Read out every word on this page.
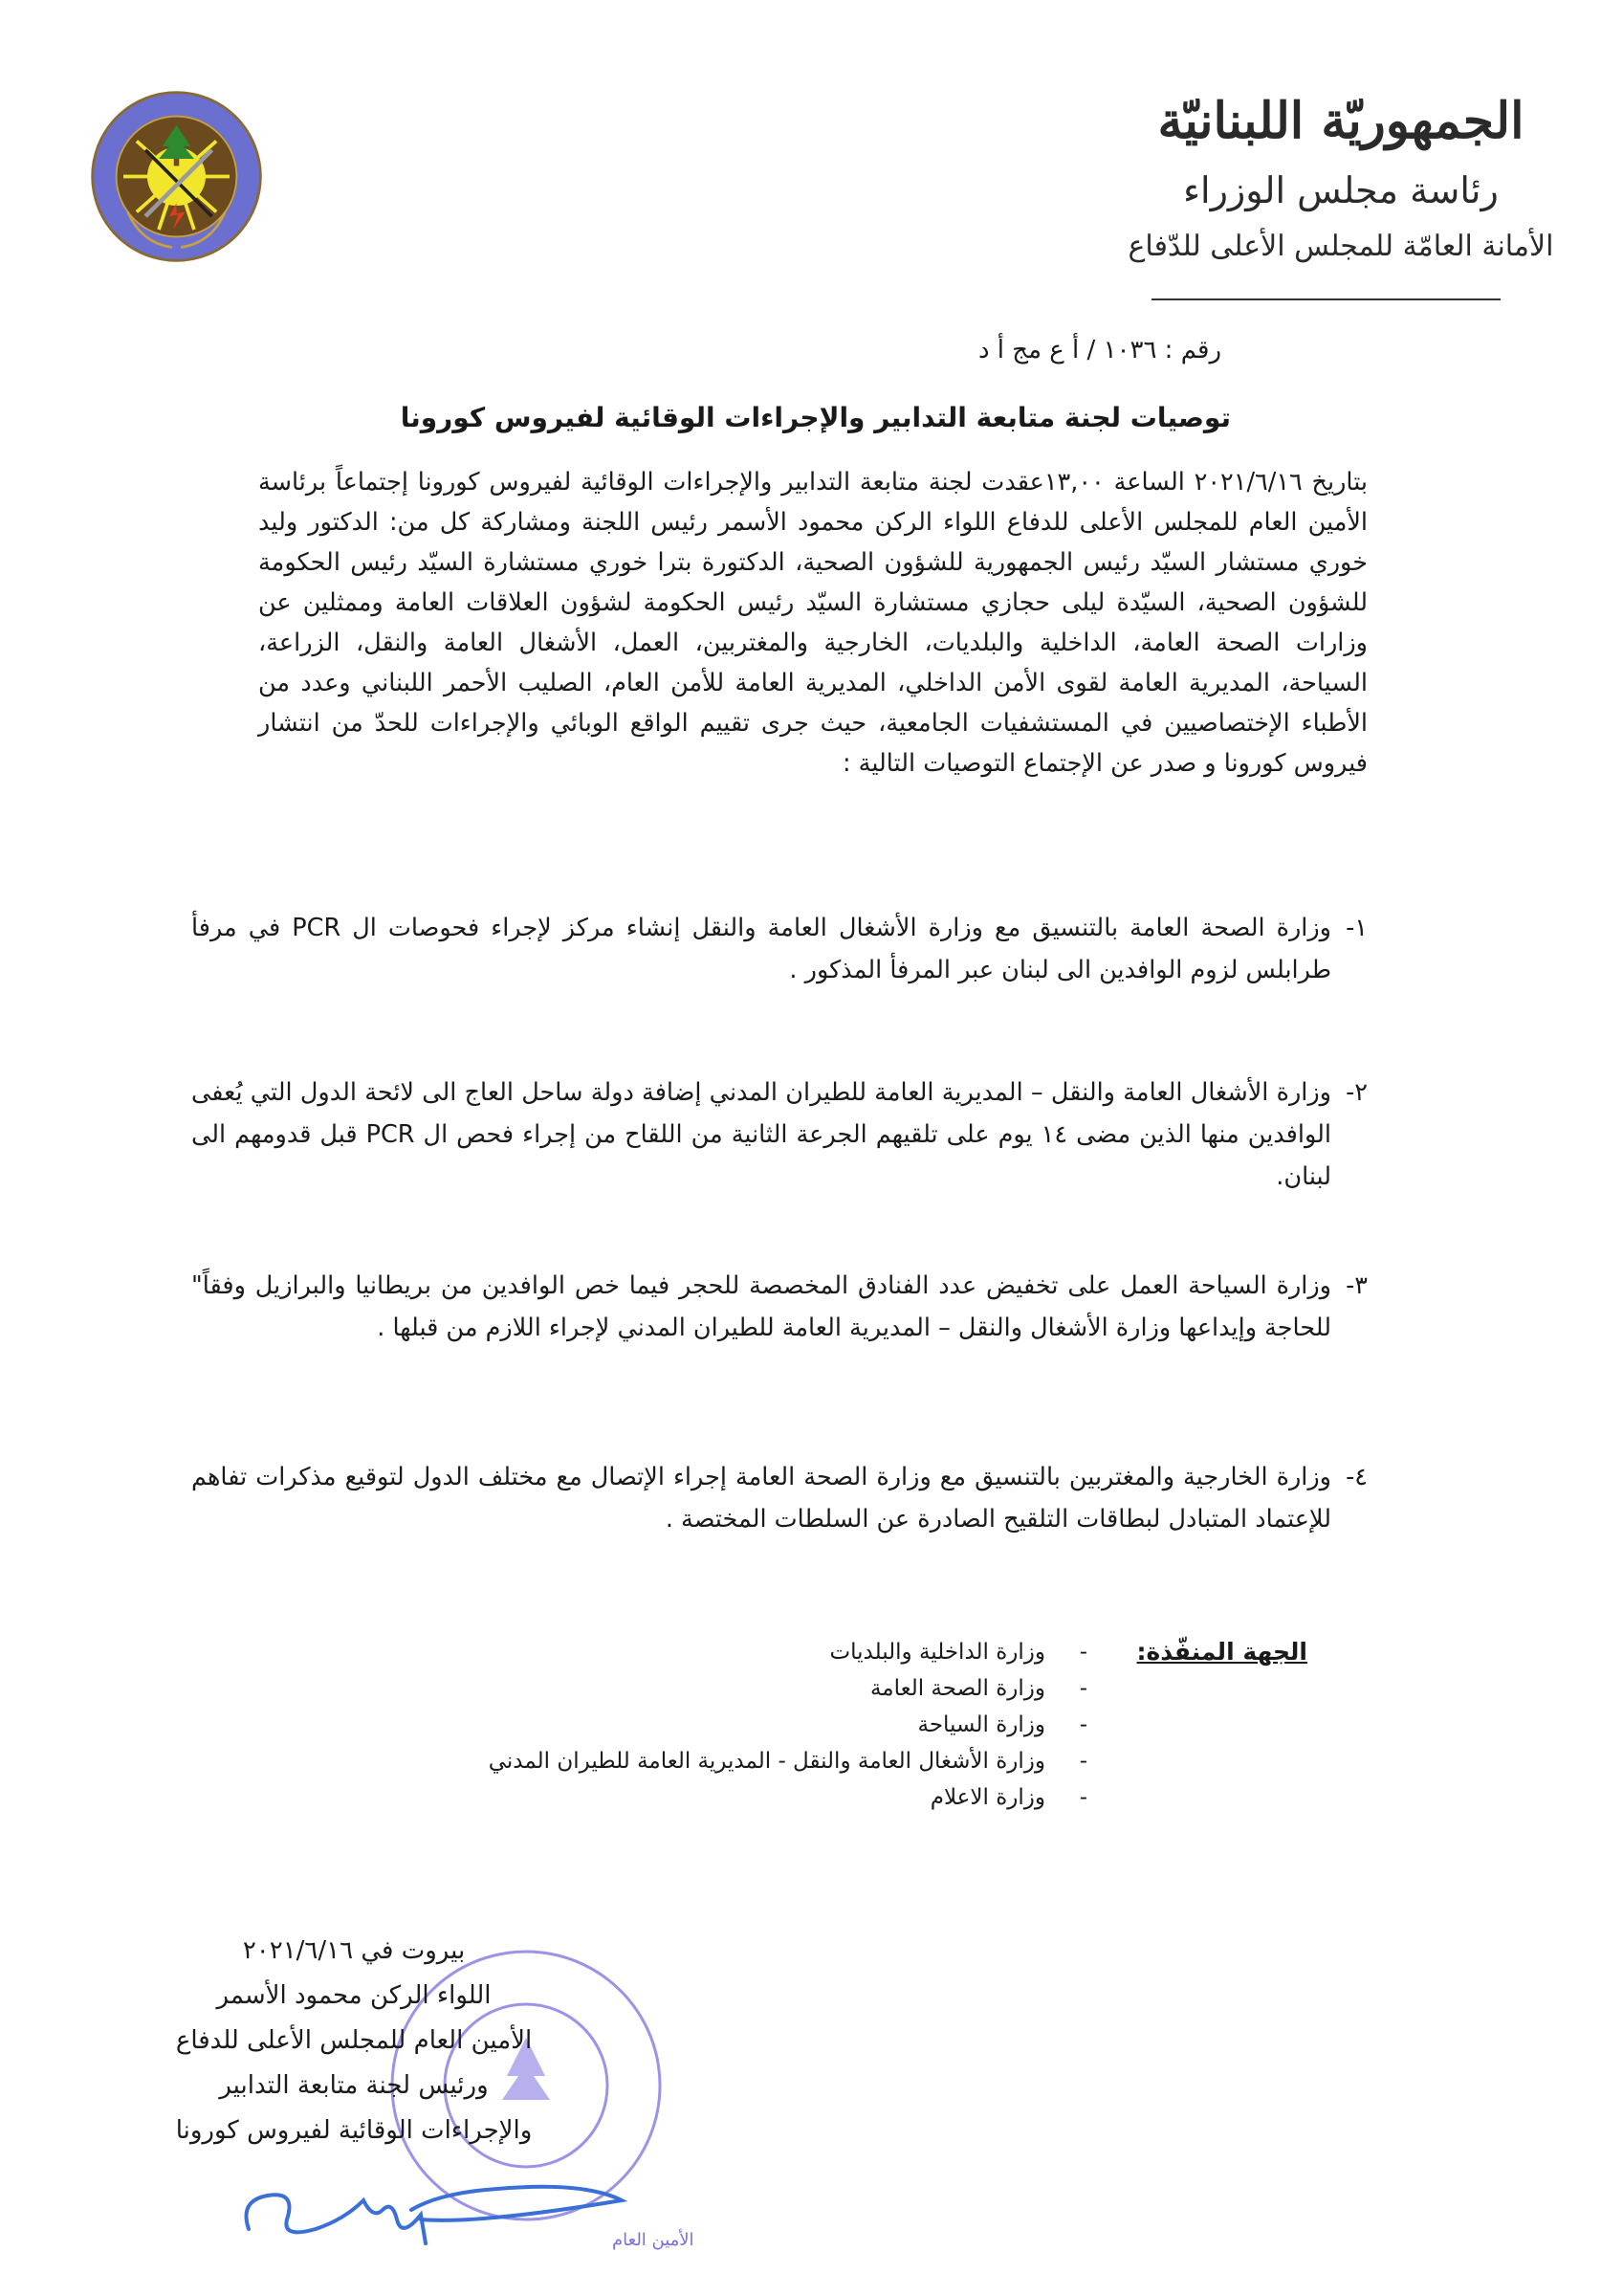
الجمهوريّة اللبنانيّة
رئاسة مجلس الوزراء
الأمانة العامّة للمجلس الأعلى للدّفاع
رقم : ١٠٣٦ / أ ع مج أ د
توصيات لجنة متابعة التدابير والإجراءات الوقائية لفيروس كورونا
بتاريخ ٢٠٢١/٦/١٦ الساعة ١٣,٠٠عقدت لجنة متابعة التدابير والإجراءات الوقائية لفيروس كورونا إجتماعاً برئاسة الأمين العام للمجلس الأعلى للدفاع اللواء الركن محمود الأسمر رئيس اللجنة ومشاركة كل من: الدكتور وليد خوري مستشار السيّد رئيس الجمهورية للشؤون الصحية، الدكتورة بترا خوري مستشارة السيّد رئيس الحكومة للشؤون الصحية، السيّدة ليلى حجازي مستشارة السيّد رئيس الحكومة لشؤون العلاقات العامة وممثلين عن وزارات الصحة العامة، الداخلية والبلديات، الخارجية والمغتربين، العمل، الأشغال العامة والنقل، الزراعة، السياحة، المديرية العامة لقوى الأمن الداخلي، المديرية العامة للأمن العام، الصليب الأحمر اللبناني وعدد من الأطباء الإختصاصيين في المستشفيات الجامعية، حيث جرى تقييم الواقع الوبائي والإجراءات للحدّ من انتشار فيروس كورونا و صدر عن الإجتماع التوصيات التالية :
١-
وزارة الصحة العامة بالتنسيق مع وزارة الأشغال العامة والنقل إنشاء مركز لإجراء فحوصات ال PCR في مرفأ طرابلس لزوم الوافدين الى لبنان عبر المرفأ المذكور .
٢-
وزارة الأشغال العامة والنقل – المديرية العامة للطيران المدني إضافة دولة ساحل العاج الى لائحة الدول التي يُعفى الوافدين منها الذين مضى ١٤ يوم على تلقيهم الجرعة الثانية من اللقاح من إجراء فحص ال PCR قبل قدومهم الى لبنان.
٣-
وزارة السياحة العمل على تخفيض عدد الفنادق المخصصة للحجر فيما خص الوافدين من بريطانيا والبرازيل وفقاً" للحاجة وإيداعها وزارة الأشغال والنقل – المديرية العامة للطيران المدني لإجراء اللازم من قبلها .
٤-
وزارة الخارجية والمغتربين بالتنسيق مع وزارة الصحة العامة إجراء الإتصال مع مختلف الدول لتوقيع مذكرات تفاهم للإعتماد المتبادل لبطاقات التلقيح الصادرة عن السلطات المختصة .
الجهة المنفّذة:
-
وزارة الداخلية والبلديات
-
وزارة الصحة العامة
-
وزارة السياحة
-
وزارة الأشغال العامة والنقل - المديرية العامة للطيران المدني
-
وزارة الاعلام
الأمين العام
بيروت في ٢٠٢١/٦/١٦
اللواء الركن محمود الأسمر
الأمين العام للمجلس الأعلى للدفاع
ورئيس لجنة متابعة التدابير
والإجراءات الوقائية لفيروس كورونا
